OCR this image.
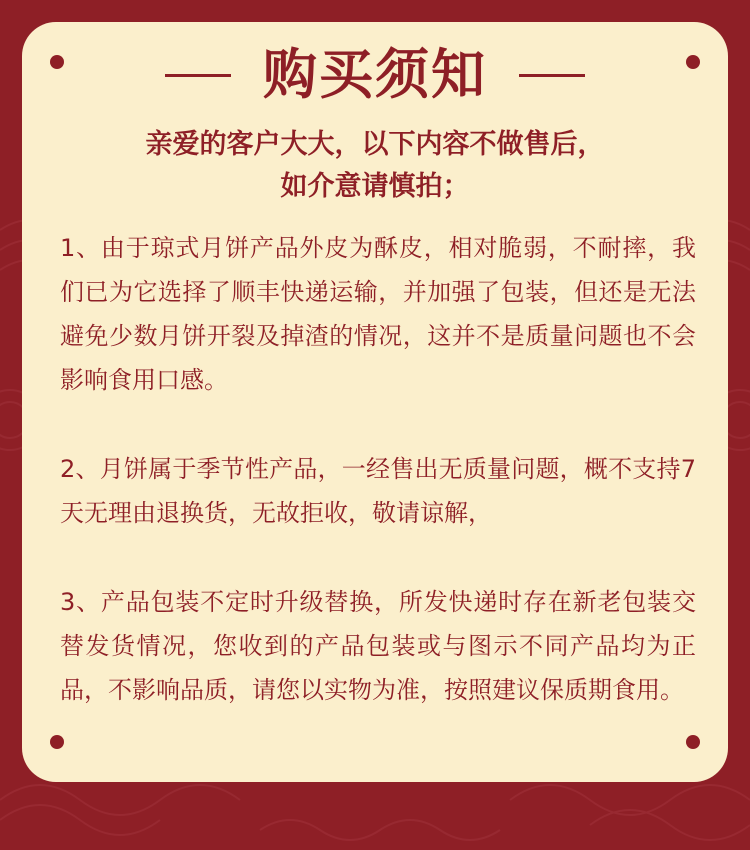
购买须知

亲爱的客户大大，以下内容不做售后，
如介意请慎拍；

1、由于琼式月饼产品外皮为酥皮，相对脆弱，不耐摔，我们已为它选择了顺丰快递运输，并加强了包装，但还是无法避免少数月饼开裂及掉渣的情况，这并不是质量问题也不会影响食用口感。

2、月饼属于季节性产品，一经售出无质量问题，概不支持7天无理由退换货，无故拒收，敬请谅解，

3、产品包装不定时升级替换，所发快递时存在新老包装交替发货情况，您收到的产品包装或与图示不同产品均为正品，不影响品质，请您以实物为准，按照建议保质期食用。
